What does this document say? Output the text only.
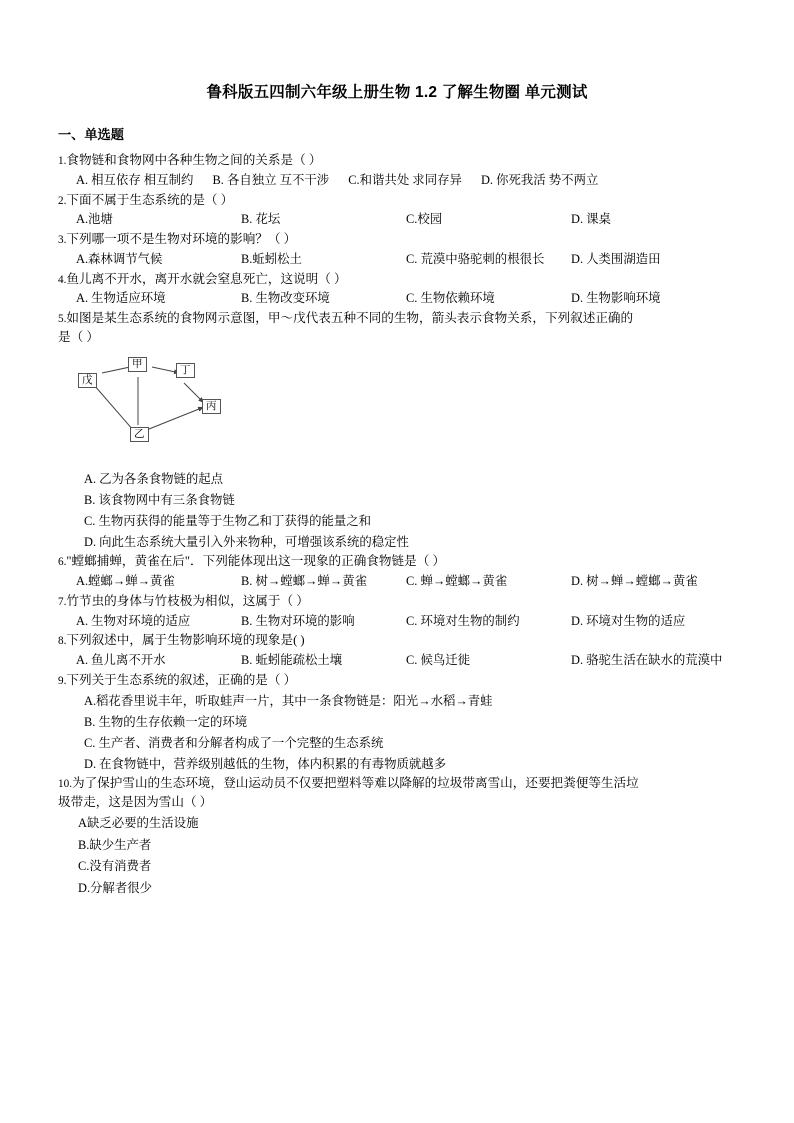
鲁科版五四制六年级上册生物 1.2 了解生物圈 单元测试
一、单选题
1.食物链和食物网中各种生物之间的关系是（ ）
A. 相互依存 相互制约 B. 各自独立 互不干涉 C.和谐共处 求同存异 D. 你死我活 势不两立
2.下面不属于生态系统的是（ ）
A.池塘	B. 花坛	C.校园	D. 课桌
3.下列哪一项不是生物对环境的影响？（ ）
A.森林调节气候	B.蚯蚓松土	C. 荒漠中骆驼刺的根很长	D. 人类围湖造田
4.鱼儿离不开水，离开水就会窒息死亡，这说明（ ）
A. 生物适应环境	B. 生物改变环境	C. 生物依赖环境	D. 生物影响环境
5.如图是某生态系统的食物网示意图，甲～戊代表五种不同的生物，箭头表示食物关系，下列叙述正确的
是（ ）
甲
丁
戊
丙
乙
A. 乙为各条食物链的起点
B. 该食物网中有三条食物链
C. 生物丙获得的能量等于生物乙和丁获得的能量之和
D. 向此生态系统大量引入外来物种，可增强该系统的稳定性
6."螳螂捕蝉，黄雀在后"．下列能体现出这一现象的正确食物链是（ ）
A.螳螂→蝉→黄雀	B. 树→螳螂→蝉→黄雀	C. 蝉→螳螂→黄雀	D. 树→蝉→螳螂→黄雀
7.竹节虫的身体与竹枝极为相似，这属于（ ）
A. 生物对环境的适应	B. 生物对环境的影响	C. 环境对生物的制约	D. 环境对生物的适应
8.下列叙述中，属于生物影响环境的现象是( )
A. 鱼儿离不开水	B. 蚯蚓能疏松土壤	C. 候鸟迁徙	D. 骆驼生活在缺水的荒漠中
9.下列关于生态系统的叙述，正确的是（ ）
A.稻花香里说丰年，听取蛙声一片，其中一条食物链是：阳光→水稻→青蛙
B. 生物的生存依赖一定的环境
C. 生产者、消费者和分解者构成了一个完整的生态系统
D. 在食物链中，营养级别越低的生物，体内积累的有毒物质就越多
10.为了保护雪山的生态环境，登山运动员不仅要把塑料等难以降解的垃圾带离雪山，还要把粪便等生活垃
圾带走，这是因为雪山（ ）
A缺乏必要的生活设施
B.缺少生产者
C.没有消费者
D.分解者很少
